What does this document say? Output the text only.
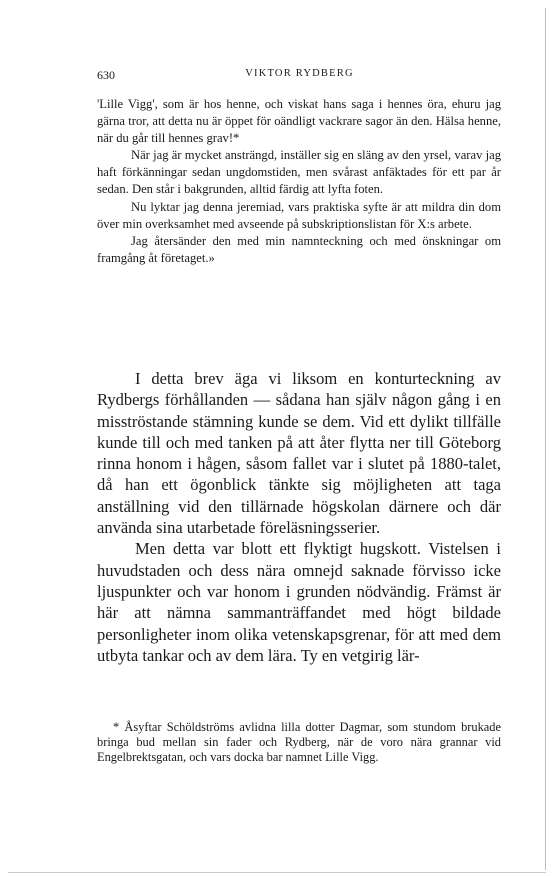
630	VIKTOR RYDBERG

'Lille Vigg', som är hos henne, och viskat hans saga i hennes öra, ehuru jag gärna tror, att detta nu är öppet för oändligt vackrare sagor än den. Hälsa henne, när du går till hennes grav!*

När jag är mycket ansträngd, inställer sig en släng av den yrsel, varav jag haft förkänningar sedan ungdomstiden, men svårast anfäktades för ett par år sedan. Den står i bakgrunden, alltid färdig att lyfta foten.

Nu lyktar jag denna jeremiad, vars praktiska syfte är att mildra din dom över min overksamhet med avseende på subskriptionslistan för X:s arbete.

Jag återsänder den med min namnteckning och med önskningar om framgång åt företaget.»

I detta brev äga vi liksom en konturteckning av Rydbergs förhållanden — sådana han själv någon gång i en misströstande stämning kunde se dem. Vid ett dylikt tillfälle kunde till och med tanken på att åter flytta ner till Göteborg rinna honom i hågen, såsom fallet var i slutet på 1880-talet, då han ett ögonblick tänkte sig möjligheten att taga anställning vid den tillärnade högskolan därnere och där använda sina utarbetade föreläsningsserier.

Men detta var blott ett flyktigt hugskott. Vistelsen i huvudstaden och dess nära omnejd saknade förvisso icke ljuspunkter och var honom i grunden nödvändig. Främst är här att nämna sammanträffandet med högt bildade personligheter inom olika vetenskapsgrenar, för att med dem utbyta tankar och av dem lära. Ty en vetgirig lär-

* Åsyftar Schöldströms avlidna lilla dotter Dagmar, som stundom brukade bringa bud mellan sin fader och Rydberg, när de voro nära grannar vid Engelbrektsgatan, och vars docka bar namnet Lille Vigg.
